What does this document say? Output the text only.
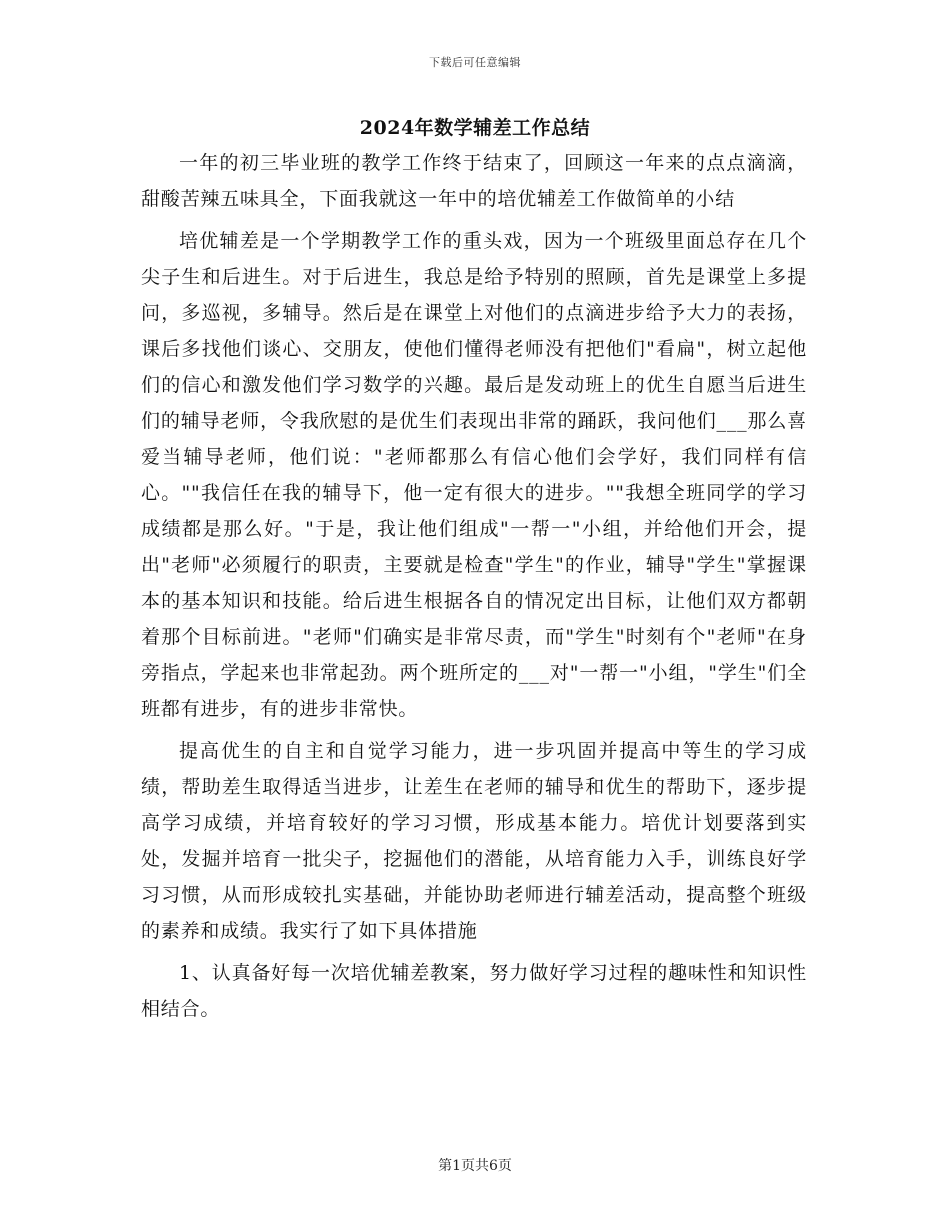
下载后可任意编辑
2024年数学辅差工作总结

一年的初三毕业班的教学工作终于结束了，回顾这一年来的点点滴滴，甜酸苦辣五味具全，下面我就这一年中的培优辅差工作做简单的小结

培优辅差是一个学期教学工作的重头戏，因为一个班级里面总存在几个尖子生和后进生。对于后进生，我总是给予特别的照顾，首先是课堂上多提问，多巡视，多辅导。然后是在课堂上对他们的点滴进步给予大力的表扬，课后多找他们谈心、交朋友，使他们懂得老师没有把他们"看扁"，树立起他们的信心和激发他们学习数学的兴趣。最后是发动班上的优生自愿当后进生们的辅导老师，令我欣慰的是优生们表现出非常的踊跃，我问他们___那么喜爱当辅导老师，他们说："老师都那么有信心他们会学好，我们同样有信心。""我信任在我的辅导下，他一定有很大的进步。""我想全班同学的学习成绩都是那么好。"于是，我让他们组成"一帮一"小组，并给他们开会，提出"老师"必须履行的职责，主要就是检查"学生"的作业，辅导"学生"掌握课本的基本知识和技能。给后进生根据各自的情况定出目标，让他们双方都朝着那个目标前进。"老师"们确实是非常尽责，而"学生"时刻有个"老师"在身旁指点，学起来也非常起劲。两个班所定的___对"一帮一"小组，"学生"们全班都有进步，有的进步非常快。

提高优生的自主和自觉学习能力，进一步巩固并提高中等生的学习成绩，帮助差生取得适当进步，让差生在老师的辅导和优生的帮助下，逐步提高学习成绩，并培育较好的学习习惯，形成基本能力。培优计划要落到实处，发掘并培育一批尖子，挖掘他们的潜能，从培育能力入手，训练良好学习习惯，从而形成较扎实基础，并能协助老师进行辅差活动，提高整个班级的素养和成绩。我实行了如下具体措施

1、认真备好每一次培优辅差教案，努力做好学习过程的趣味性和知识性相结合。

第1页共6页
